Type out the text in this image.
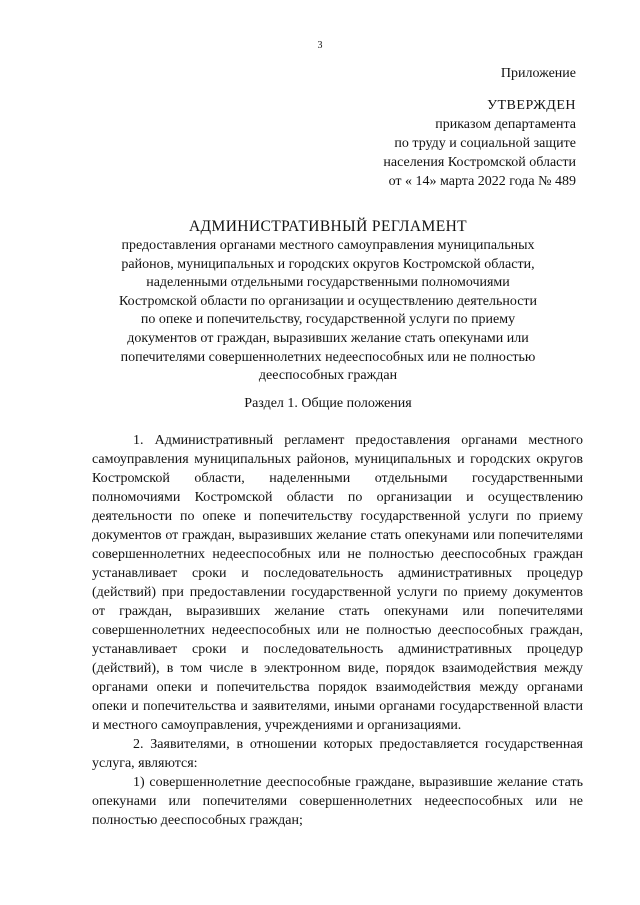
3
Приложение
УТВЕРЖДЕН
приказом департамента
по труду и социальной защите
населения Костромской области
от « 14» марта 2022 года № 489
АДМИНИСТРАТИВНЫЙ РЕГЛАМЕНТ
предоставления органами местного самоуправления муниципальных районов, муниципальных и городских округов Костромской области, наделенными отдельными государственными полномочиями Костромской области по организации и осуществлению деятельности по опеке и попечительству, государственной услуги по приему документов от граждан, выразивших желание стать опекунами или попечителями совершеннолетних недееспособных или не полностью дееспособных граждан
Раздел 1. Общие положения

1. Административный регламент предоставления органами местного самоуправления муниципальных районов, муниципальных и городских округов Костромской области, наделенными отдельными государственными полномочиями Костромской области по организации и осуществлению деятельности по опеке и попечительству государственной услуги по приему документов от граждан, выразивших желание стать опекунами или попечителями совершеннолетних недееспособных или не полностью дееспособных граждан устанавливает сроки и последовательность административных процедур (действий) при предоставлении государственной услуги по приему документов от граждан, выразивших желание стать опекунами или попечителями совершеннолетних недееспособных или не полностью дееспособных граждан, устанавливает сроки и последовательность административных процедур (действий), в том числе в электронном виде, порядок взаимодействия между органами опеки и попечительства порядок взаимодействия между органами опеки и попечительства и заявителями, иными органами государственной власти и местного самоуправления, учреждениями и организациями.

2. Заявителями, в отношении которых предоставляется государственная услуга, являются:

1) совершеннолетние дееспособные граждане, выразившие желание стать опекунами или попечителями совершеннолетних недееспособных или не полностью дееспособных граждан;
